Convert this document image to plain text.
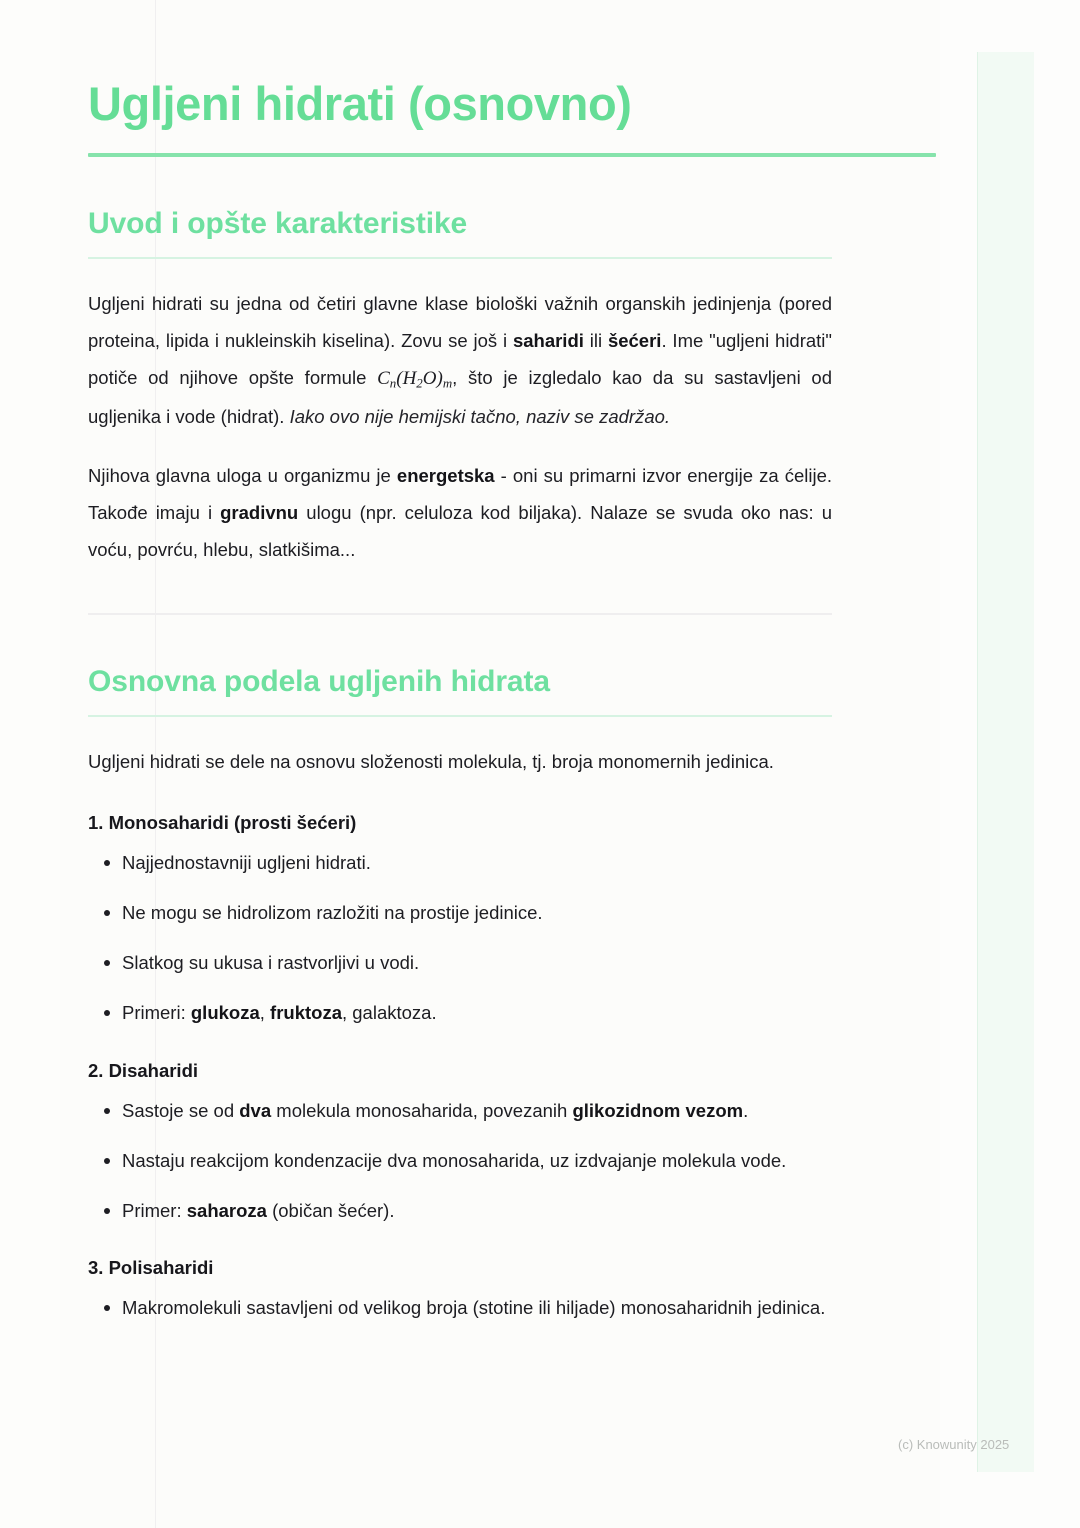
Ugljeni hidrati (osnovno)
Uvod i opšte karakteristike

Ugljeni hidrati su jedna od četiri glavne klase biološki važnih organskih jedinjenja (pored proteina, lipida i nukleinskih kiselina). Zovu se još i saharidi ili šećeri. Ime "ugljeni hidrati" potiče od njihove opšte formule $C_n(H_2O)_m$, što je izgledalo kao da su sastavljeni od ugljenika i vode (hidrat). Iako ovo nije hemijski tačno, naziv se zadržao.

Njihova glavna uloga u organizmu je energetska - oni su primarni izvor energije za ćelije. Takođe imaju i gradivnu ulogu (npr. celuloza kod biljaka). Nalaze se svuda oko nas: u voću, povrću, hlebu, slatkišima...

Osnovna podela ugljenih hidrata

Ugljeni hidrati se dele na osnovu složenosti molekula, tj. broja monomernih jedinica.

1. Monosaharidi (prosti šećeri)
Najjednostavniji ugljeni hidrati.
Ne mogu se hidrolizom razložiti na prostije jedinice.
Slatkog su ukusa i rastvorljivi u vodi.
Primeri: glukoza, fruktoza, galaktoza.
2. Disaharidi
Sastoje se od dva molekula monosaharida, povezanih glikozidnom vezom.
Nastaju reakcijom kondenzacije dva monosaharida, uz izdvajanje molekula vode.
Primer: saharoza (običan šećer).
3. Polisaharidi
Makromolekuli sastavljeni od velikog broja (stotine ili hiljade) monosaharidnih jedinica.
(c) Knowunity 2025
